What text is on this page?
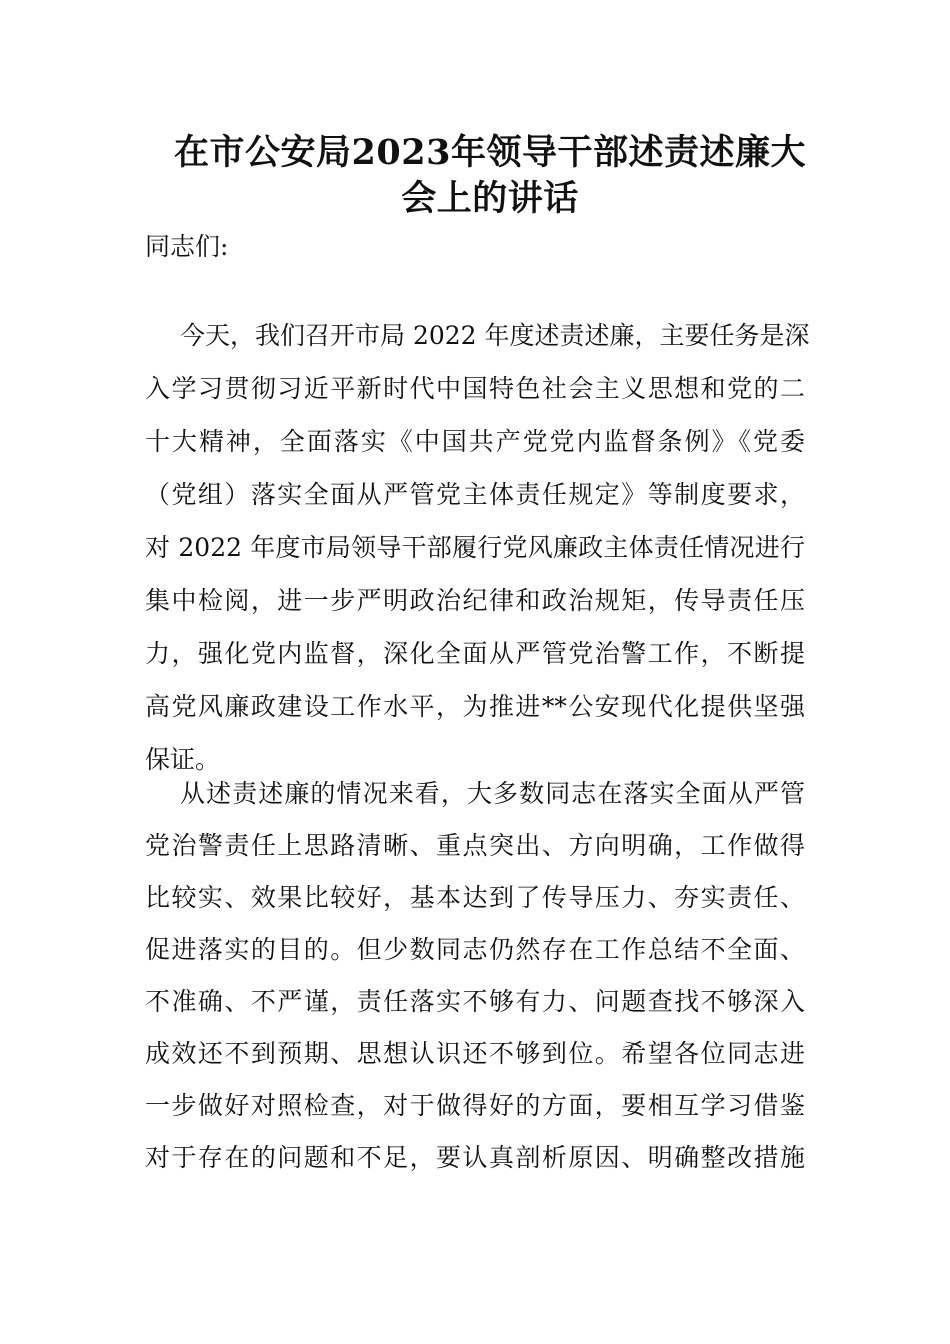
在市公安局2023年领导干部述责述廉大
会上的讲话
同志们:
今天，我们召开市局 2022 年度述责述廉，主要任务是深
入学习贯彻习近平新时代中国特色社会主义思想和党的二
十大精神，全面落实《中国共产党党内监督条例》《党委
（党组）落实全面从严管党主体责任规定》等制度要求，
对 2022 年度市局领导干部履行党风廉政主体责任情况进行
集中检阅，进一步严明政治纪律和政治规矩，传导责任压
力，强化党内监督，深化全面从严管党治警工作，不断提
高党风廉政建设工作水平，为推进**公安现代化提供坚强
保证。
从述责述廉的情况来看，大多数同志在落实全面从严管
党治警责任上思路清晰、重点突出、方向明确，工作做得
比较实、效果比较好，基本达到了传导压力、夯实责任、
促进落实的目的。但少数同志仍然存在工作总结不全面、
不准确、不严谨，责任落实不够有力、问题查找不够深入
成效还不到预期、思想认识还不够到位。希望各位同志进
一步做好对照检查，对于做得好的方面，要相互学习借鉴
对于存在的问题和不足，要认真剖析原因、明确整改措施
